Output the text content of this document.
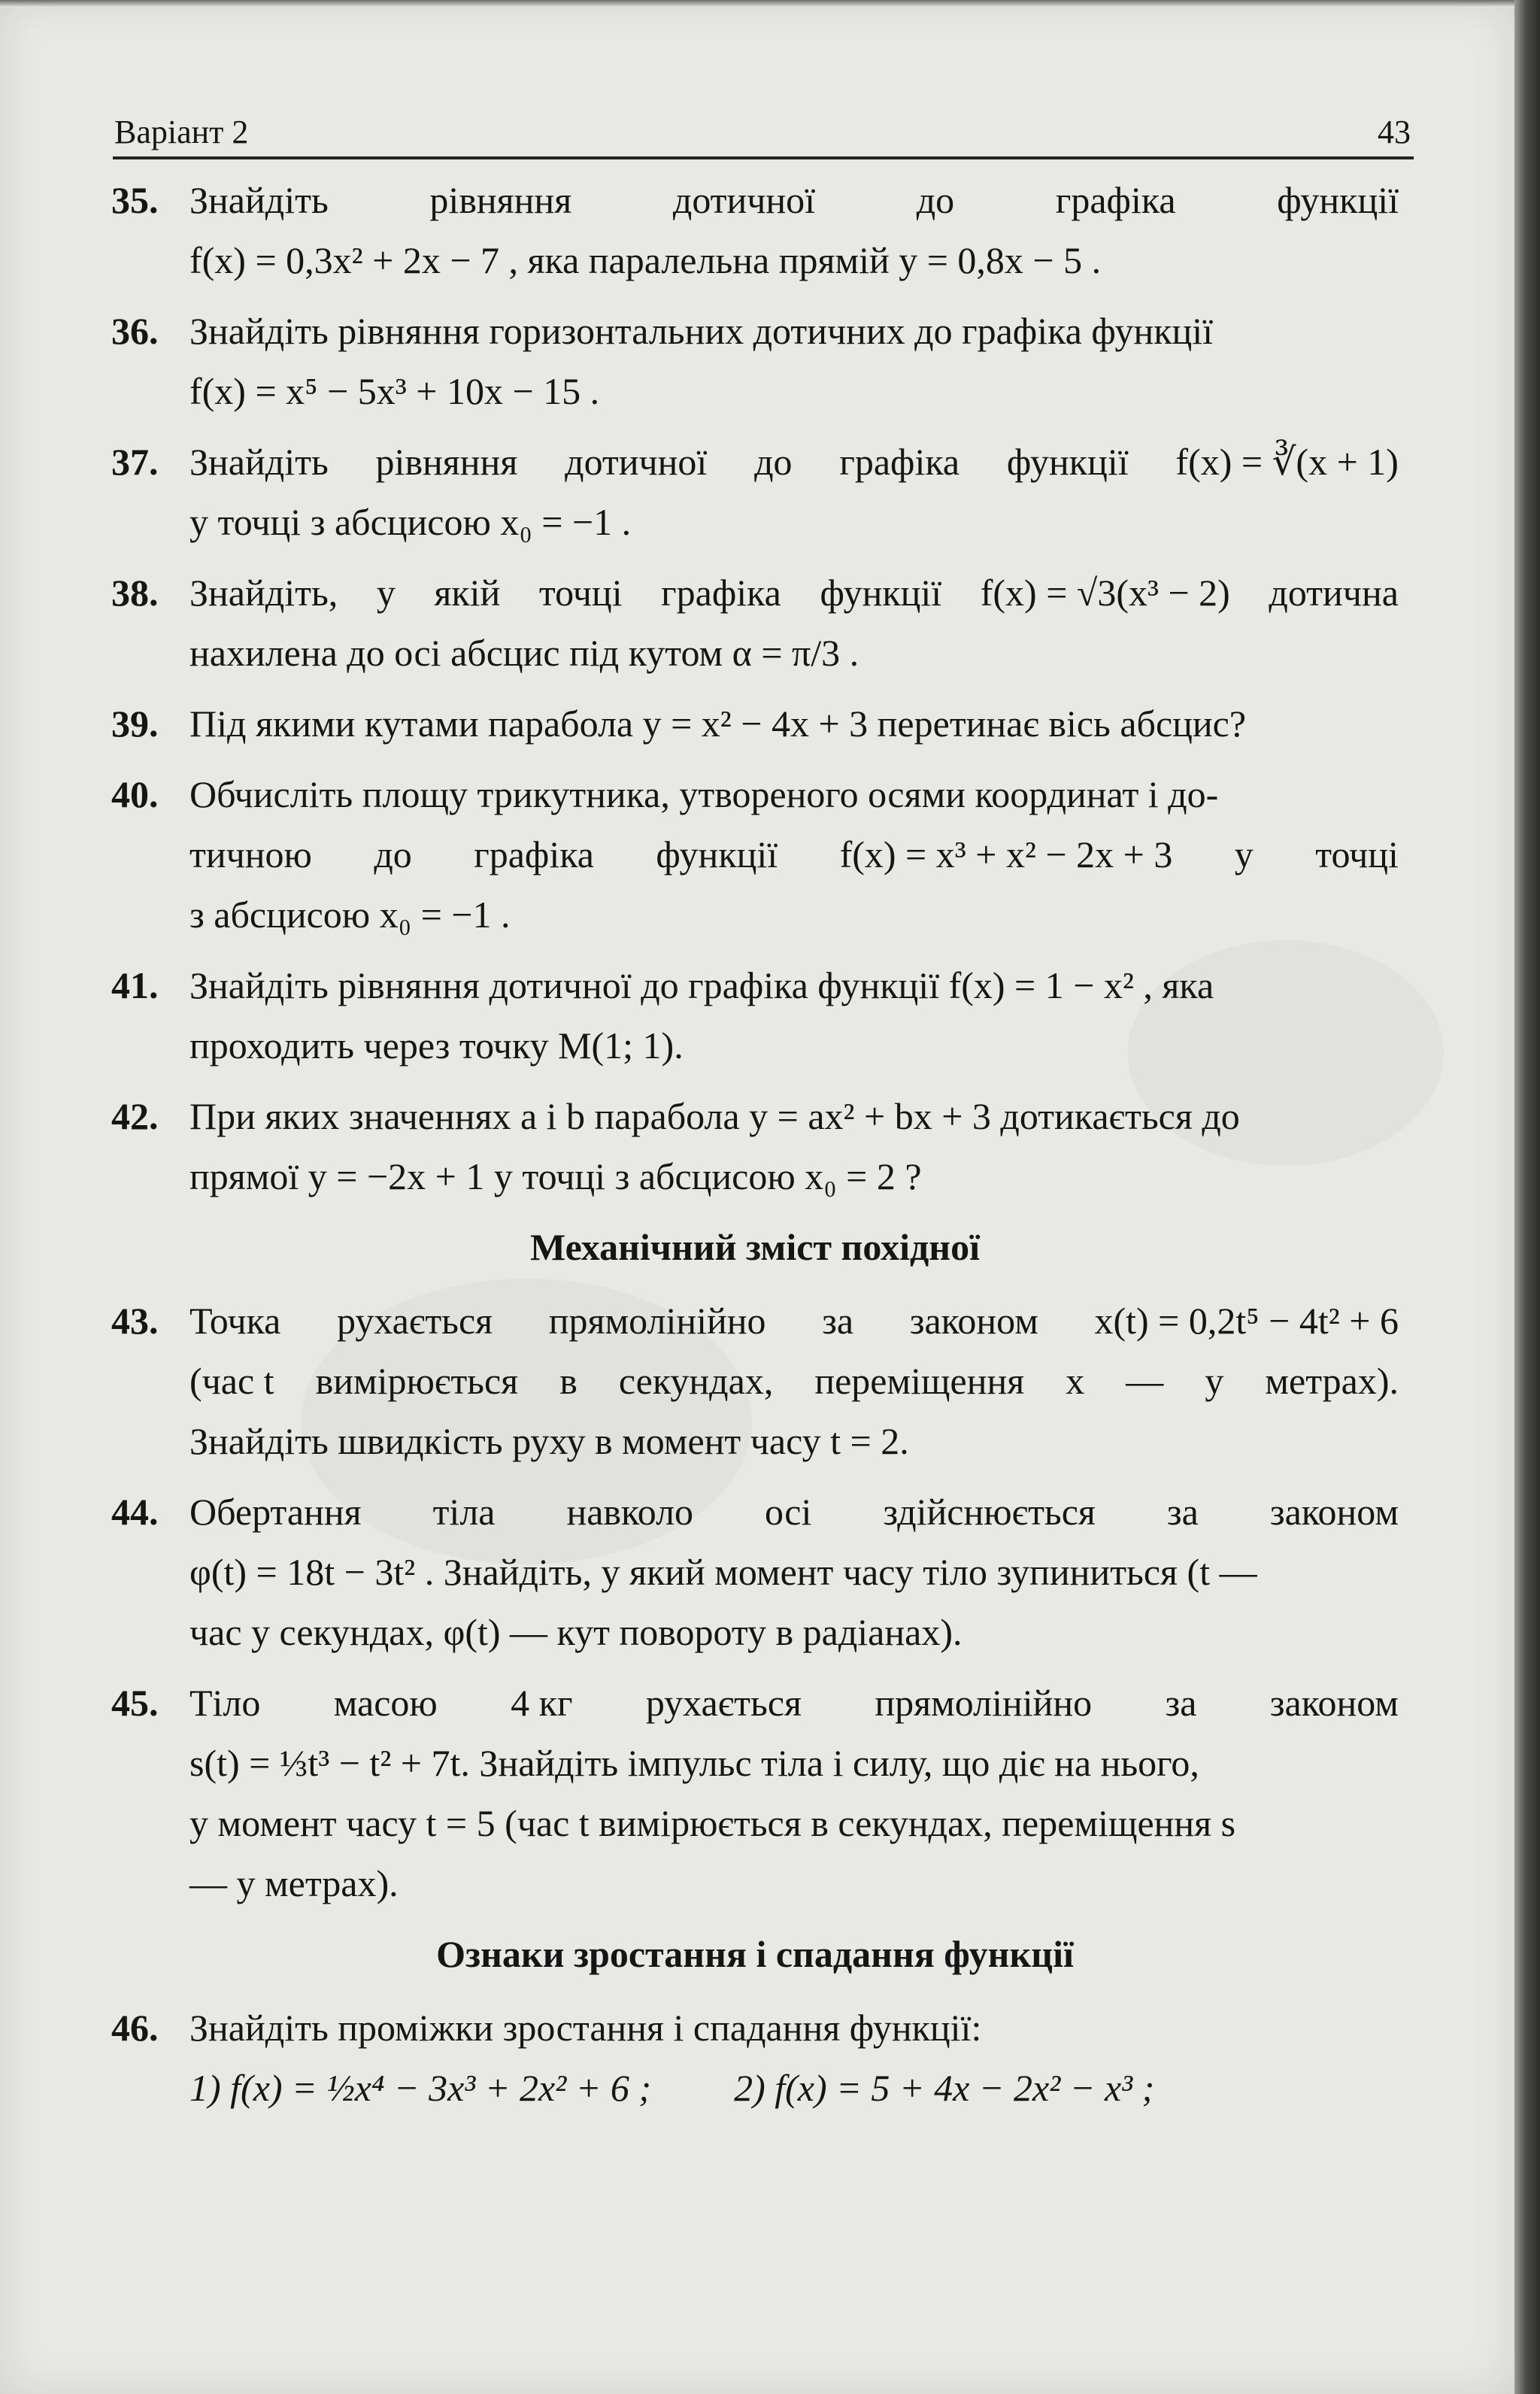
Варіант 2	43
35. Знайдіть	рівняння	дотичної	до	графіка	функції
f(x) = 0,3x² + 2x − 7 , яка паралельна прямій y = 0,8x − 5 .
36. Знайдіть рівняння горизонтальних дотичних до графіка функції
f(x) = x⁵ − 5x³ + 10x − 15 .
37. Знайдіть рівняння дотичної до графіка функції f(x) = ∛(x + 1)
у точці з абсцисою x₀ = −1 .
38. Знайдіть, у якій точці графіка функції f(x) = √3(x³ − 2) дотична
нахилена до осі абсцис під кутом α = π/3 .
39. Під якими кутами парабола y = x² − 4x + 3 перетинає вісь абсцис?
40. Обчисліть площу трикутника, утвореного осями координат і до-
тичною до графіка функції f(x) = x³ + x² − 2x + 3 у точці
з абсцисою x₀ = −1 .
41. Знайдіть рівняння дотичної до графіка функції f(x) = 1 − x² , яка
проходить через точку M(1; 1).
42. При яких значеннях a і b парабола y = ax² + bx + 3 дотикається до
прямої y = −2x + 1 у точці з абсцисою x₀ = 2 ?
Механічний зміст похідної
43. Точка рухається прямолінійно за законом x(t) = 0,2t⁵ − 4t² + 6
(час t вимірюється в секундах, переміщення x — у метрах).
Знайдіть швидкість руху в момент часу t = 2.
44. Обертання тіла навколо осі здійснюється за законом
φ(t) = 18t − 3t² . Знайдіть, у який момент часу тіло зупиниться (t —
час у секундах, φ(t) — кут повороту в радіанах).
45. Тіло масою 4 кг рухається прямолінійно за законом
s(t) = ⅓t³ − t² + 7t. Знайдіть імпульс тіла і силу, що діє на нього,
у момент часу t = 5 (час t вимірюється в секундах, переміщення s
— у метрах).
Ознаки зростання і спадання функції
46. Знайдіть проміжки зростання і спадання функції:
1) f(x) = ½x⁴ − 3x³ + 2x² + 6 ; 2) f(x) = 5 + 4x − 2x² − x³ ;
